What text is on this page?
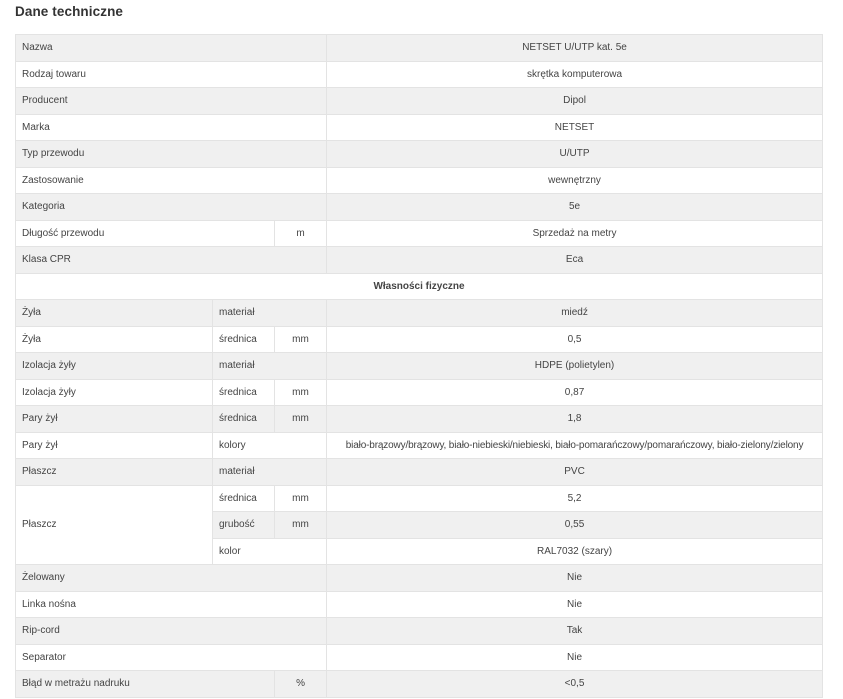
Dane techniczne
Nazwa			NETSET U/UTP kat. 5e
Rodzaj towaru			skrętka komputerowa
Producent			Dipol
Marka			NETSET
Typ przewodu			U/UTP
Zastosowanie			wewnętrzny
Kategoria			5e
Długość przewodu		m	Sprzedaż na metry
Klasa CPR			Eca
Własności fizyczne			
Żyła	materiał		miedź
Żyła	średnica	mm	0,5
Izolacja żyły	materiał		HDPE (polietylen)
Izolacja żyły	średnica	mm	0,87
Pary żył	średnica	mm	1,8
Pary żył	kolory		biało-brązowy/brązowy, biało-niebieski/niebieski, biało-pomarańczowy/pomarańczowy, biało-zielony/zielony
Płaszcz	materiał		PVC
Płaszcz	średnica	mm	5,2
	grubość	mm	0,55
	kolor		RAL7032 (szary)
Żelowany			Nie
Linka nośna			Nie
Rip-cord			Tak
Separator			Nie
Błąd w metrażu nadruku		%	<0,5
